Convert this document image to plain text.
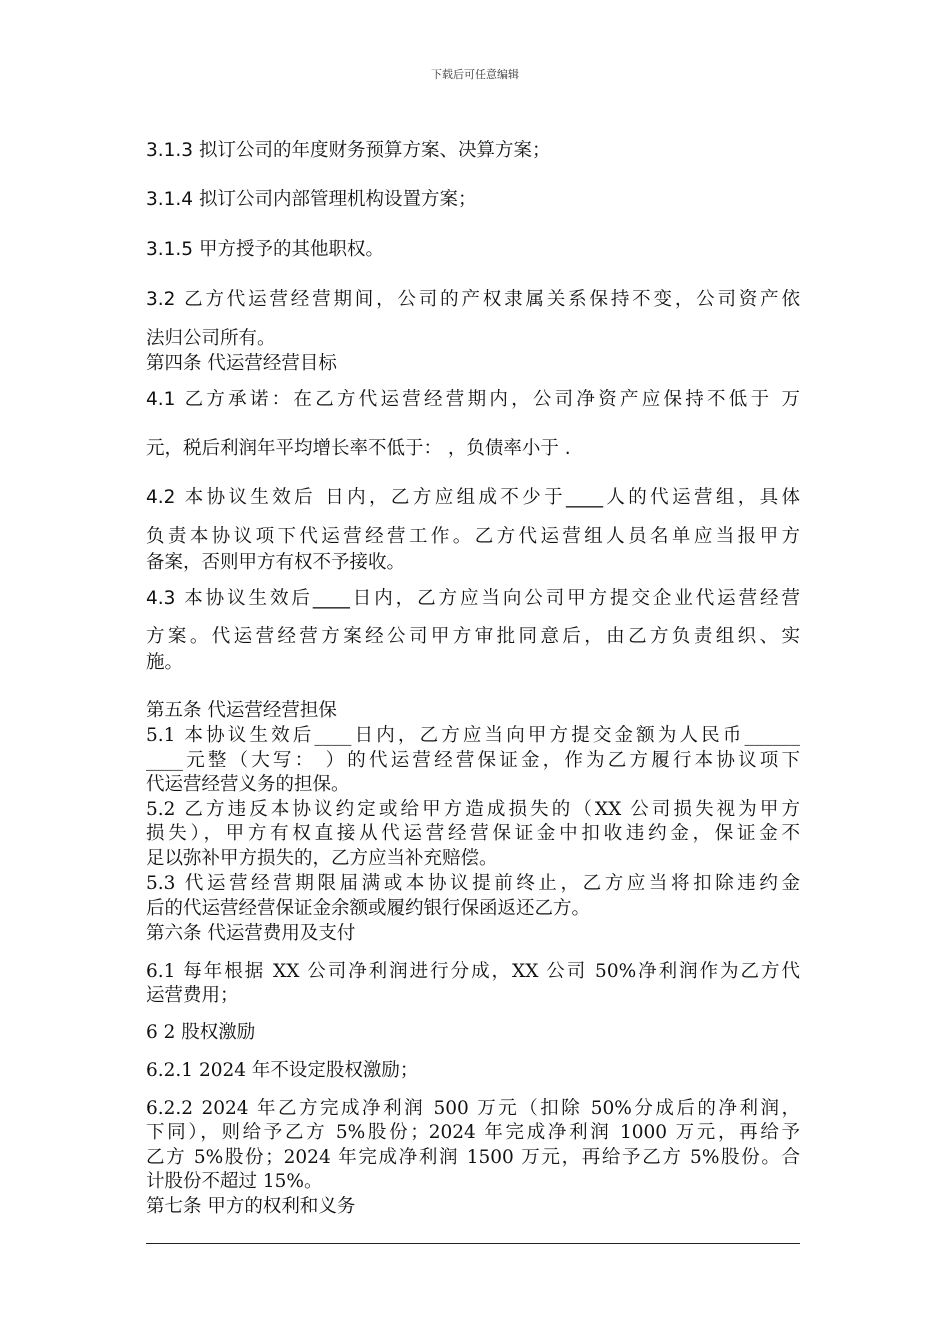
下载后可任意编辑
3.1.3 拟订公司的年度财务预算方案、决算方案；
3.1.4 拟订公司内部管理机构设置方案；
3.1.5 甲方授予的其他职权。
3.2 乙方代运营经营期间，公司的产权隶属关系保持不变，公司资产依
法归公司所有。
第四条 代运营经营目标
4.1 乙方承诺：在乙方代运营经营期内，公司净资产应保持不低于 万
元，税后利润年平均增长率不低于： ，负债率小于 .
4.2 本协议生效后 日内，乙方应组成不少于____人的代运营组，具体
负责本协议项下代运营经营工作。乙方代运营组人员名单应当报甲方
备案，否则甲方有权不予接收。
4.3 本协议生效后____日内，乙方应当向公司甲方提交企业代运营经营
方案。代运营经营方案经公司甲方审批同意后，由乙方负责组织、实
施。
第五条 代运营经营担保
5.1 本协议生效后____日内，乙方应当向甲方提交金额为人民币______
____元整（大写： ）的代运营经营保证金，作为乙方履行本协议项下
代运营经营义务的担保。
5.2 乙方违反本协议约定或给甲方造成损失的（XX 公司损失视为甲方
损失），甲方有权直接从代运营经营保证金中扣收违约金，保证金不
足以弥补甲方损失的，乙方应当补充赔偿。
5.3 代运营经营期限届满或本协议提前终止，乙方应当将扣除违约金
后的代运营经营保证金余额或履约银行保函返还乙方。
第六条 代运营费用及支付
6.1 每年根据 XX 公司净利润进行分成，XX 公司 50%净利润作为乙方代
运营费用；
6 2 股权激励
6.2.1 2024 年不设定股权激励；
6.2.2 2024 年乙方完成净利润 500 万元（扣除 50%分成后的净利润，
下同），则给予乙方 5%股份；2024 年完成净利润 1000 万元，再给予
乙方 5%股份；2024 年完成净利润 1500 万元，再给予乙方 5%股份。合
计股份不超过 15%。
第七条 甲方的权利和义务
